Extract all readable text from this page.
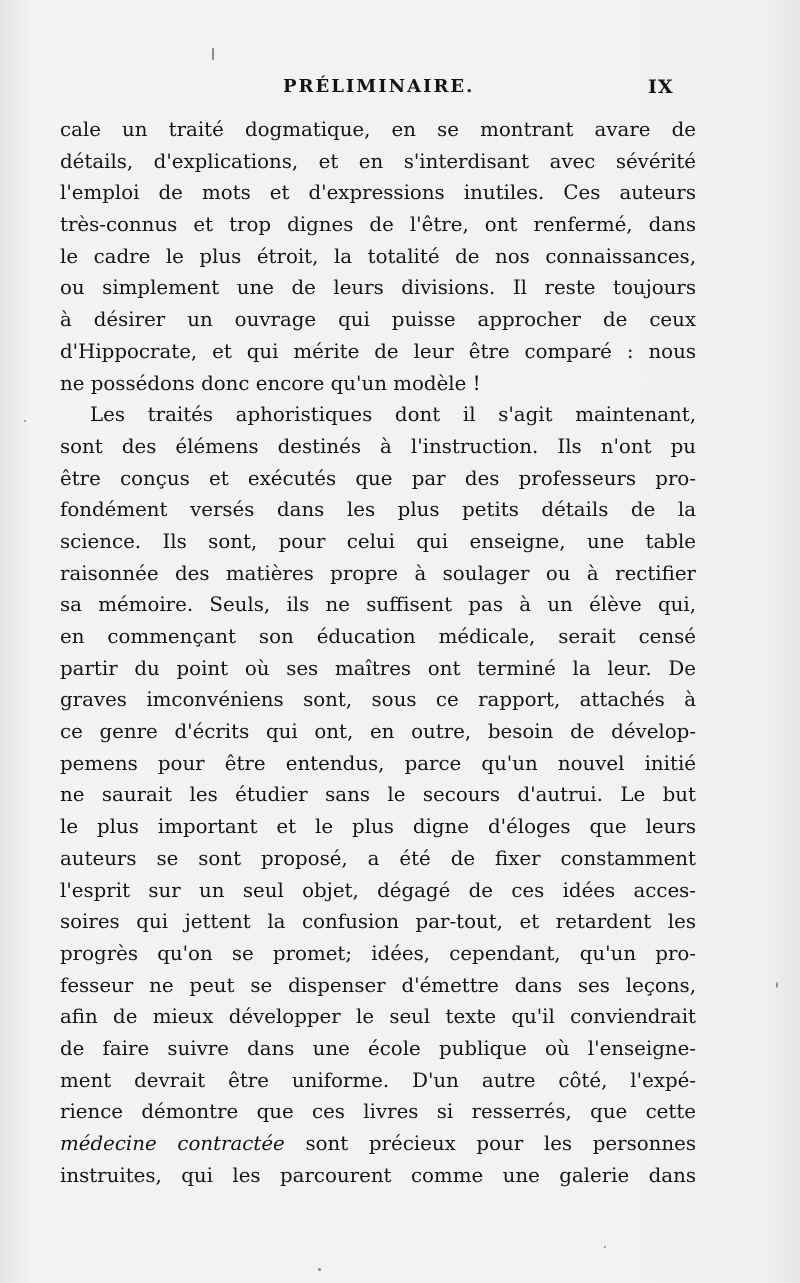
PRÉLIMINAIRE.	IX
cale un traité dogmatique, en se montrant avare de
détails, d'explications, et en s'interdisant avec sévérité
l'emploi de mots et d'expressions inutiles. Ces auteurs
très-connus et trop dignes de l'être, ont renfermé, dans
le cadre le plus étroit, la totalité de nos connaissances,
ou simplement une de leurs divisions. Il reste toujours
à désirer un ouvrage qui puisse approcher de ceux
d'Hippocrate, et qui mérite de leur être comparé : nous
ne possédons donc encore qu'un modèle !
Les traités aphoristiques dont il s'agit maintenant,
sont des élémens destinés à l'instruction. Ils n'ont pu
être conçus et exécutés que par des professeurs pro-
fondément versés dans les plus petits détails de la
science. Ils sont, pour celui qui enseigne, une table
raisonnée des matières propre à soulager ou à rectifier
sa mémoire. Seuls, ils ne suffisent pas à un élève qui,
en commençant son éducation médicale, serait censé
partir du point où ses maîtres ont terminé la leur. De
graves imconvéniens sont, sous ce rapport, attachés à
ce genre d'écrits qui ont, en outre, besoin de dévelop-
pemens pour être entendus, parce qu'un nouvel initié
ne saurait les étudier sans le secours d'autrui. Le but
le plus important et le plus digne d'éloges que leurs
auteurs se sont proposé, a été de fixer constamment
l'esprit sur un seul objet, dégagé de ces idées acces-
soires qui jettent la confusion par-tout, et retardent les
progrès qu'on se promet; idées, cependant, qu'un pro-
fesseur ne peut se dispenser d'émettre dans ses leçons,
afin de mieux développer le seul texte qu'il conviendrait
de faire suivre dans une école publique où l'enseigne-
ment devrait être uniforme. D'un autre côté, l'expé-
rience démontre que ces livres si resserrés, que cette
médecine contractée sont précieux pour les personnes
instruites, qui les parcourent comme une galerie dans
